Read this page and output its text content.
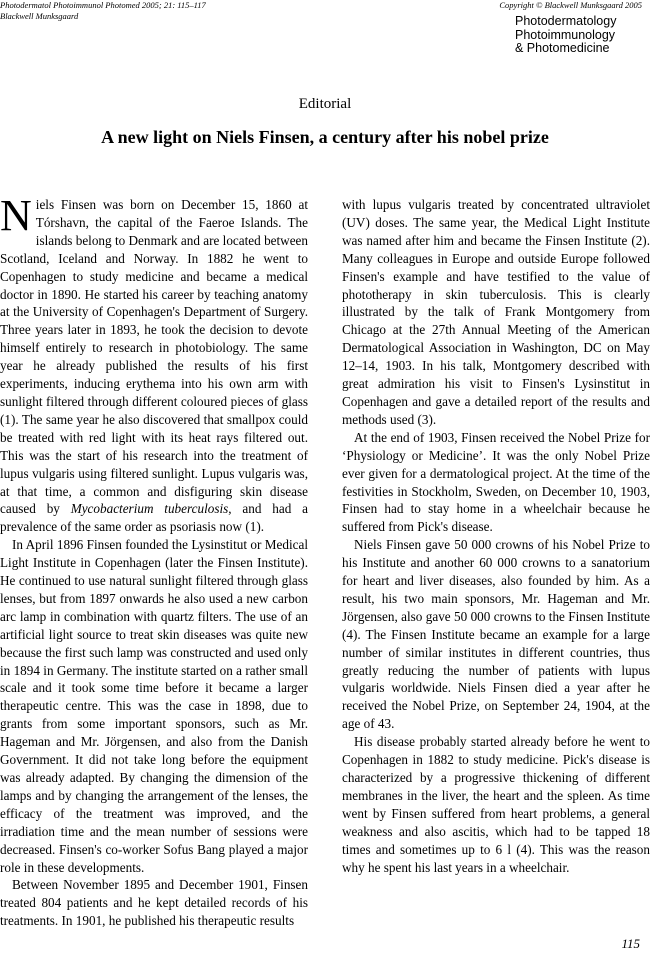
Photodermatol Photoimmunol Photomed 2005; 21: 115–117
Blackwell Munksgaard
Copyright © Blackwell Munksgaard 2005
Photodermatology
Photoimmunology
& Photomedicine
Editorial
A new light on Niels Finsen, a century after his nobel prize

Niels Finsen was born on December 15, 1860 at Tórshavn, the capital of the Faeroe Islands. The islands belong to Denmark and are located between Scotland, Iceland and Norway. In 1882 he went to Copenhagen to study medicine and became a medical doctor in 1890. He started his career by teaching anatomy at the University of Copenhagen's Department of Surgery. Three years later in 1893, he took the decision to devote himself entirely to research in photobiology. The same year he already published the results of his first experiments, inducing erythema into his own arm with sunlight filtered through different coloured pieces of glass (1). The same year he also discovered that smallpox could be treated with red light with its heat rays filtered out. This was the start of his research into the treatment of lupus vulgaris using filtered sunlight. Lupus vulgaris was, at that time, a common and disfiguring skin disease caused by Mycobacterium tuberculosis, and had a prevalence of the same order as psoriasis now (1).

In April 1896 Finsen founded the Lysinstitut or Medical Light Institute in Copenhagen (later the Finsen Institute). He continued to use natural sunlight filtered through glass lenses, but from 1897 onwards he also used a new carbon arc lamp in combination with quartz filters. The use of an artificial light source to treat skin diseases was quite new because the first such lamp was constructed and used only in 1894 in Germany. The institute started on a rather small scale and it took some time before it became a larger therapeutic centre. This was the case in 1898, due to grants from some important sponsors, such as Mr. Hageman and Mr. Jörgensen, and also from the Danish Government. It did not take long before the equipment was already adapted. By changing the dimension of the lamps and by changing the arrangement of the lenses, the efficacy of the treatment was improved, and the irradiation time and the mean number of sessions were decreased. Finsen's co-worker Sofus Bang played a major role in these developments.

Between November 1895 and December 1901, Finsen treated 804 patients and he kept detailed records of his treatments. In 1901, he published his therapeutic results

with lupus vulgaris treated by concentrated ultraviolet (UV) doses. The same year, the Medical Light Institute was named after him and became the Finsen Institute (2). Many colleagues in Europe and outside Europe followed Finsen's example and have testified to the value of phototherapy in skin tuberculosis. This is clearly illustrated by the talk of Frank Montgomery from Chicago at the 27th Annual Meeting of the American Dermatological Association in Washington, DC on May 12–14, 1903. In his talk, Montgomery described with great admiration his visit to Finsen's Lysinstitut in Copenhagen and gave a detailed report of the results and methods used (3).

At the end of 1903, Finsen received the Nobel Prize for ‘Physiology or Medicine’. It was the only Nobel Prize ever given for a dermatological project. At the time of the festivities in Stockholm, Sweden, on December 10, 1903, Finsen had to stay home in a wheelchair because he suffered from Pick's disease.

Niels Finsen gave 50 000 crowns of his Nobel Prize to his Institute and another 60 000 crowns to a sanatorium for heart and liver diseases, also founded by him. As a result, his two main sponsors, Mr. Hageman and Mr. Jörgensen, also gave 50 000 crowns to the Finsen Institute (4). The Finsen Institute became an example for a large number of similar institutes in different countries, thus greatly reducing the number of patients with lupus vulgaris worldwide. Niels Finsen died a year after he received the Nobel Prize, on September 24, 1904, at the age of 43.

His disease probably started already before he went to Copenhagen in 1882 to study medicine. Pick's disease is characterized by a progressive thickening of different membranes in the liver, the heart and the spleen. As time went by Finsen suffered from heart problems, a general weakness and also ascitis, which had to be tapped 18 times and sometimes up to 6 l (4). This was the reason why he spent his last years in a wheelchair.

115
